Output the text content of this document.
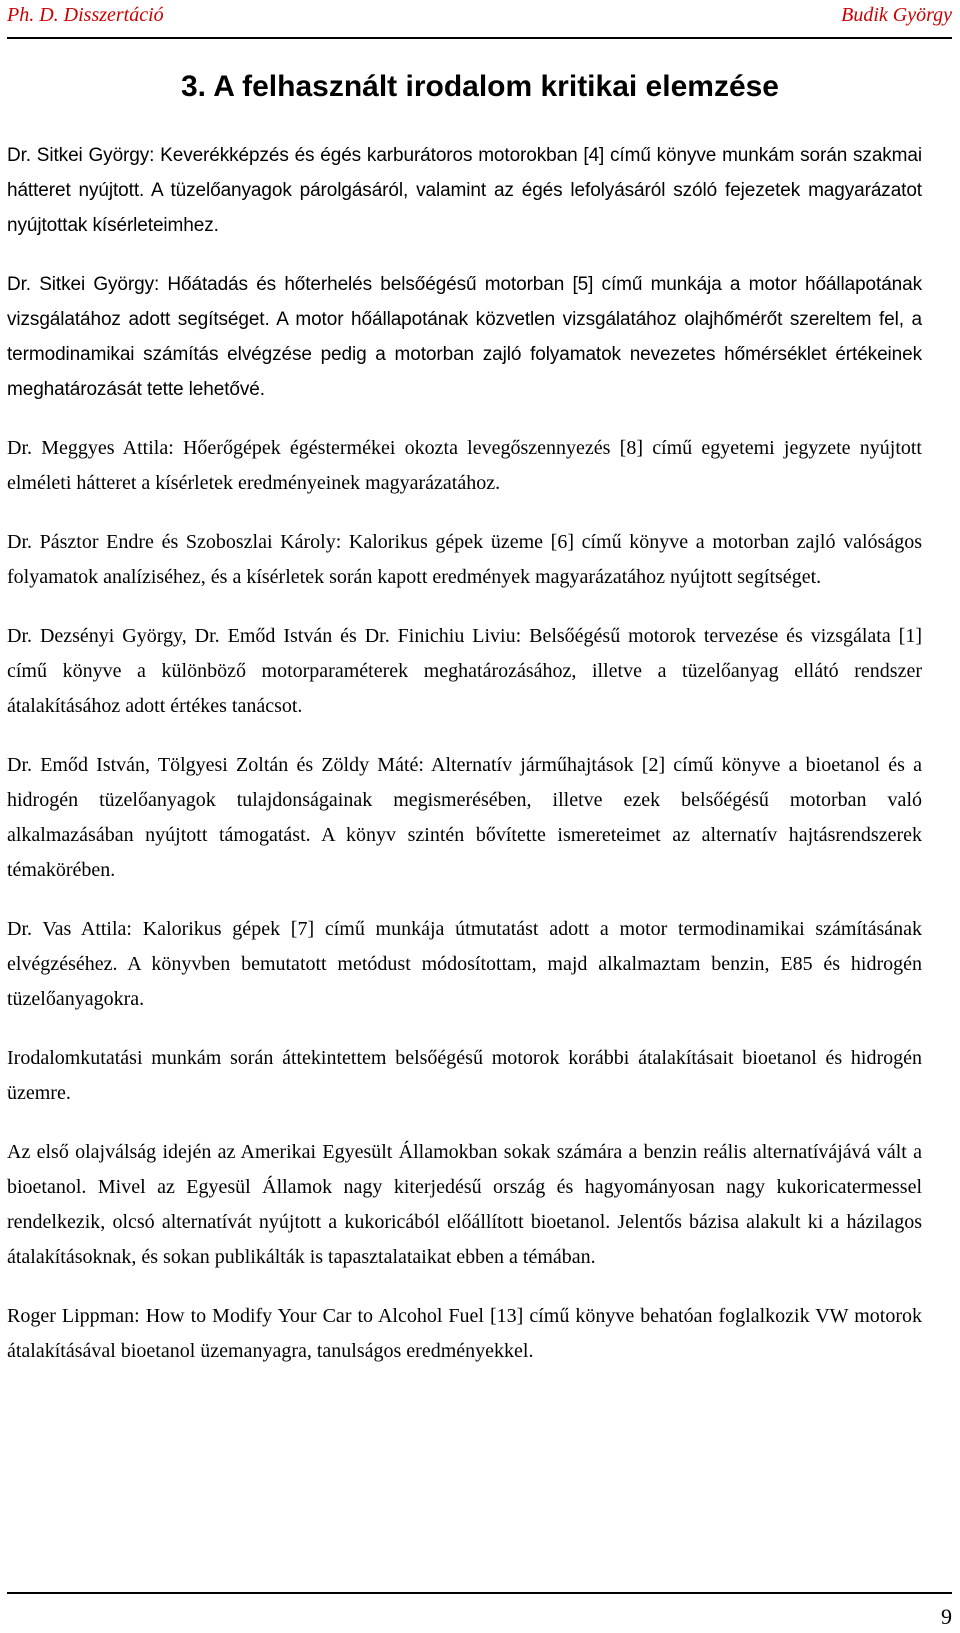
Ph. D. Disszertáció	Budik György
3. A felhasznált irodalom kritikai elemzése

Dr. Sitkei György: Keverékképzés és égés karburátoros motorokban [4] című könyve munkám során szakmai hátteret nyújtott. A tüzelőanyagok párolgásáról, valamint az égés lefolyásáról szóló fejezetek magyarázatot nyújtottak kísérleteimhez.

Dr. Sitkei György: Hőátadás és hőterhelés belsőégésű motorban [5] című munkája a motor hőállapotának vizsgálatához adott segítséget. A motor hőállapotának közvetlen vizsgálatához olajhőmérőt szereltem fel, a termodinamikai számítás elvégzése pedig a motorban zajló folyamatok nevezetes hőmérséklet értékeinek meghatározását tette lehetővé.

Dr. Meggyes Attila: Hőerőgépek égéstermékei okozta levegőszennyezés [8] című egyetemi jegyzete nyújtott elméleti hátteret a kísérletek eredményeinek magyarázatához.

Dr. Pásztor Endre és Szoboszlai Károly: Kalorikus gépek üzeme [6] című könyve a motorban zajló valóságos folyamatok analíziséhez, és a kísérletek során kapott eredmények magyarázatához nyújtott segítséget.

Dr. Dezsényi György, Dr. Emőd István és Dr. Finichiu Liviu: Belsőégésű motorok tervezése és vizsgálata [1] című könyve a különböző motorparaméterek meghatározásához, illetve a tüzelőanyag ellátó rendszer átalakításához adott értékes tanácsot.

Dr. Emőd István, Tölgyesi Zoltán és Zöldy Máté: Alternatív járműhajtások [2] című könyve a bioetanol és a hidrogén tüzelőanyagok tulajdonságainak megismerésében, illetve ezek belsőégésű motorban való alkalmazásában nyújtott támogatást. A könyv szintén bővítette ismereteimet az alternatív hajtásrendszerek témakörében.

Dr. Vas Attila: Kalorikus gépek [7] című munkája útmutatást adott a motor termodinamikai számításának elvégzéséhez. A könyvben bemutatott metódust módosítottam, majd alkalmaztam benzin, E85 és hidrogén tüzelőanyagokra.

Irodalomkutatási munkám során áttekintettem belsőégésű motorok korábbi átalakításait bioetanol és hidrogén üzemre.

Az első olajválság idején az Amerikai Egyesült Államokban sokak számára a benzin reális alternatívájává vált a bioetanol. Mivel az Egyesül Államok nagy kiterjedésű ország és hagyományosan nagy kukoricatermessel rendelkezik, olcsó alternatívát nyújtott a kukoricából előállított bioetanol. Jelentős bázisa alakult ki a házilagos átalakításoknak, és sokan publikálták is tapasztalataikat ebben a témában.

Roger Lippman: How to Modify Your Car to Alcohol Fuel [13] című könyve behatóan foglalkozik VW motorok átalakításával bioetanol üzemanyagra, tanulságos eredményekkel.

9
